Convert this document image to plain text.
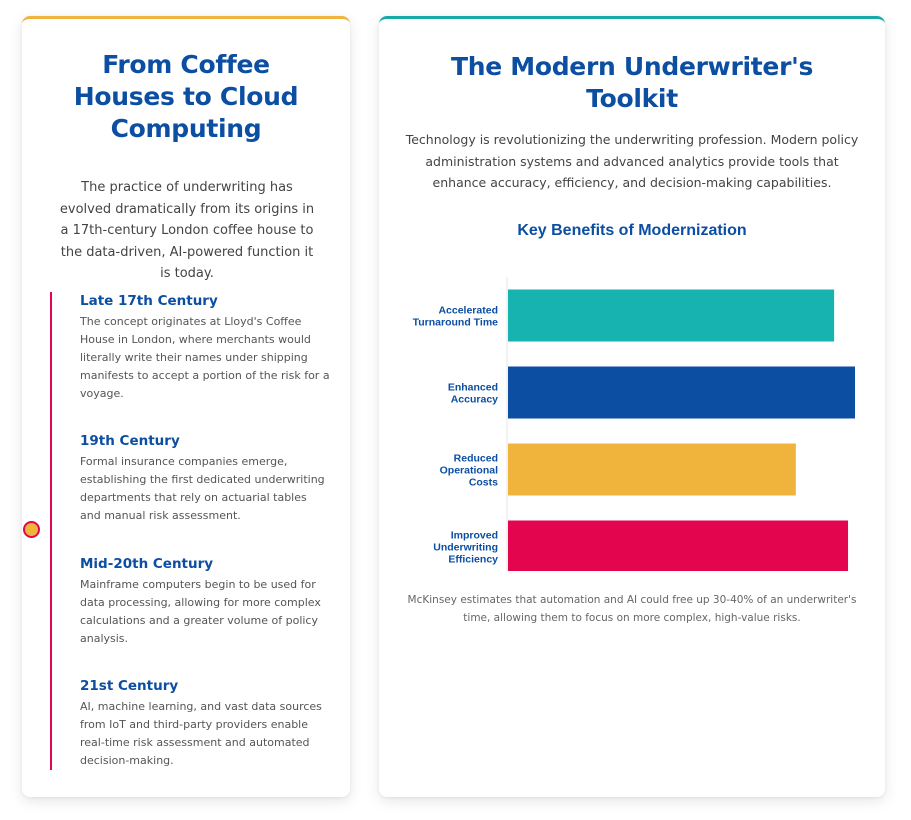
From Coffee Houses to Cloud Computing

The practice of underwriting has evolved dramatically from its origins in a 17th-century London coffee house to the data-driven, AI-powered function it is today.

Late 17th Century
The concept originates at Lloyd's Coffee House in London, where merchants would literally write their names under shipping manifests to accept a portion of the risk for a voyage.
19th Century
Formal insurance companies emerge, establishing the first dedicated underwriting departments that rely on actuarial tables and manual risk assessment.
Mid-20th Century
Mainframe computers begin to be used for data processing, allowing for more complex calculations and a greater volume of policy analysis.
21st Century
AI, machine learning, and vast data sources from IoT and third-party providers enable real-time risk assessment and automated decision-making.
The Modern Underwriter's Toolkit

Technology is revolutionizing the underwriting profession. Modern policy administration systems and advanced analytics provide tools that enhance accuracy, efficiency, and decision-making capabilities.

Key Benefits of Modernization
Accelerated Turnaround Time
Enhanced Accuracy
Reduced Operational Costs
Improved Underwriting Efficiency

McKinsey estimates that automation and AI could free up 30-40% of an underwriter's time, allowing them to focus on more complex, high-value risks.
